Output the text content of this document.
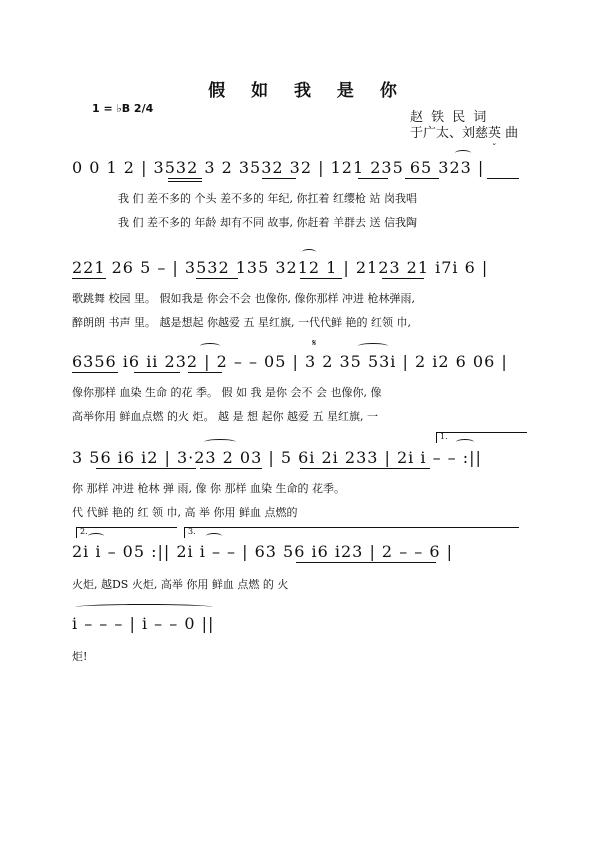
假 如 我 是 你
1 = ♭B 2/4
赵 铁 民 词
于广太、刘慈英 曲
0 0 1 2 | 3532 3 2 3532 32 | 121 235 65 323 |
我 们 差不多的 个头 差不多的 年纪, 你扛着 红缨枪 站 岗我唱
我 们 差不多的 年龄 却有不同 故事, 你赶着 羊群去 送 信我陶
ˇ
221 26 5 – | 3532 135 3212 1 | 2123 21 i7i 6 |
歌跳舞 校园 里。 假如我是 你会不会 也像你, 像你那样 冲进 枪林弹雨,
醉朗朗 书声 里。 越是想起 你越爱 五 星红旗, 一代代鲜 艳的 红领 巾,
6356 i6 ii 232 | 2 – – 05 | 3 2 35 53i | 2 i2 6 06 |
像你那样 血染 生命 的花 季。 假 如 我 是你 会不 会 也像你, 像
高举你用 鲜血点燃 的火 炬。 越 是 想 起你 越爱 五 星红旗, 一
𝄋
3 56 i6 i2 | 3·23 2 03 | 5 6i 2i 233 | 2i i – – :||
你 那样 冲进 枪林 弹 雨, 像 你 那样 血染 生命的 花季。
代 代鲜 艳的 红 领 巾, 高 举 你用 鲜血 点燃的
1.
2i i – 05 :|| 2i i – – | 63 56 i6 i23 | 2 – – 6 |
火炬, 越DS 火炬, 高举 你用 鲜血 点燃 的 火
2.	3.
i – – – | i – – 0 ||
炬!
